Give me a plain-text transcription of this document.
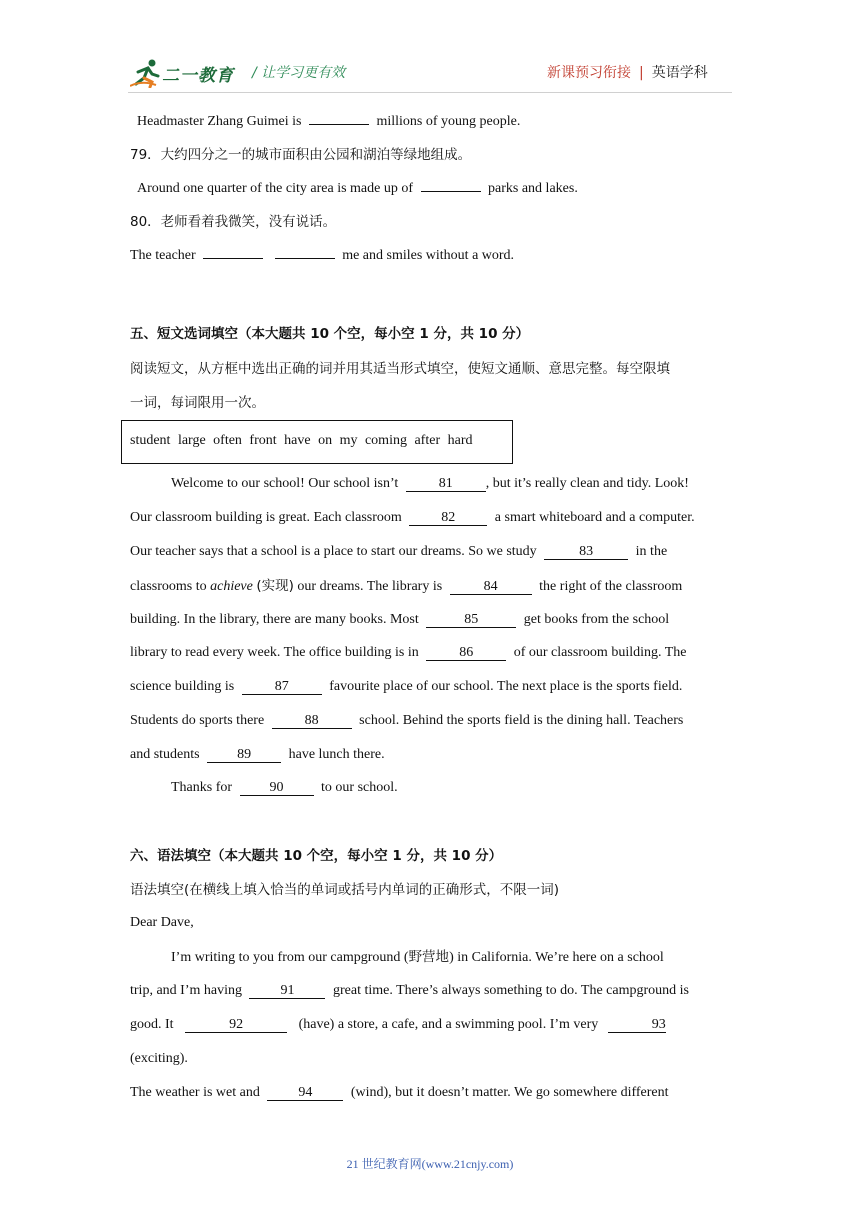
二一教育 / 让学习更有效	新课预习衔接 | 英语学科
Headmaster Zhang Guimei is	millions of young people.
79．大约四分之一的城市面积由公园和湖泊等绿地组成。
Around one quarter of the city area is made up of	parks and lakes.
80．老师看着我微笑，没有说话。
The teacher	me and smiles without a word.
五、短文选词填空（本大题共 10 个空，每小空 1 分，共 10 分）
阅读短文，从方框中选出正确的词并用其适当形式填空，使短文通顺、意思完整。每空限填
一词，每词限用一次。
student large often front have on my coming after hard
Welcome to our school! Our school isn’t	81 , but it’s really clean and tidy. Look!
Our classroom building is great. Each classroom	82	a smart whiteboard and a computer.
Our teacher says that a school is a place to start our dreams. So we study	83	in the
classrooms to achieve (实现) our dreams. The library is	84	the right of the classroom
building. In the library, there are many books. Most	85	get books from the school
library to read every week. The office building is in	86	of our classroom building. The
science building is	87	favourite place of our school. The next place is the sports field.
Students do sports there	88	school. Behind the sports field is the dining hall. Teachers
and students	89	have lunch there.
Thanks for	90	to our school.
六、语法填空（本大题共 10 个空，每小空 1 分，共 10 分）
语法填空(在横线上填入恰当的单词或括号内单词的正确形式，不限一词)
Dear Dave,
I’m writing to you from our campground (野营地) in California. We’re here on a school
trip, and I’m having	91	great time. There’s always something to do. The campground is
good. It	92	(have) a store, a cafe, and a swimming pool. I’m very	93
(exciting).
The weather is wet and	94	(wind), but it doesn’t matter. We go somewhere different
21 世纪教育网(www.21cnjy.com)
